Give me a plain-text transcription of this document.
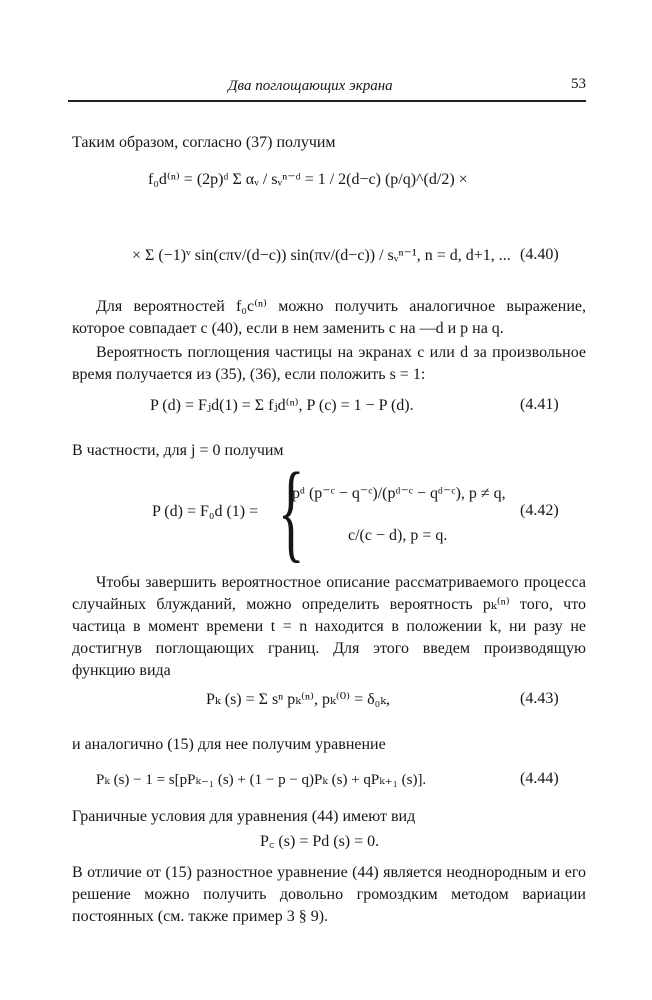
Два поглощающих экрана	53
Таким образом, согласно (37) получим
f₀d⁽ⁿ⁾ = (2p)ᵈ Σ αᵥ / sᵥⁿ⁻ᵈ = 1 / 2(d−c) (p/q)^(d/2) ×
× Σ (−1)ᵛ sin(cπv/(d−c)) sin(πv/(d−c)) / sᵥⁿ⁻¹, n = d, d+1, ... (4.40)
Для вероятностей f₀c⁽ⁿ⁾ можно получить аналогичное выражение, которое совпадает с (40), если в нем заменить c на —d и p на q.
Вероятность поглощения частицы на экранах c или d за произвольное время получается из (35), (36), если положить s = 1:
P (d) = Fⱼd(1) = Σ fⱼd⁽ⁿ⁾, P (c) = 1 − P (d).	(4.41)
В частности, для j = 0 получим
P (d) = F₀d (1) = {
pᵈ (p⁻ᶜ − q⁻ᶜ)/(pᵈ⁻ᶜ − qᵈ⁻ᶜ), p ≠ q,
c/(c − d), p = q.
(4.42)
Чтобы завершить вероятностное описание рассматриваемого процесса случайных блужданий, можно определить вероятность pₖ⁽ⁿ⁾ того, что частица в момент времени t = n находится в положении k, ни разу не достигнув поглощающих границ. Для этого введем производящую функцию вида
Pₖ (s) = Σ sⁿ pₖ⁽ⁿ⁾, pₖ⁽⁰⁾ = δ₀ₖ,	(4.43)
и аналогично (15) для нее получим уравнение
Pₖ (s) − 1 = s[pPₖ₋₁ (s) + (1 − p − q)Pₖ (s) + qPₖ₊₁ (s)].	(4.44)
Граничные условия для уравнения (44) имеют вид
P꜀ (s) = Pd (s) = 0.
В отличие от (15) разностное уравнение (44) является неоднородным и его решение можно получить довольно громоздким методом вариации постоянных (см. также пример 3 § 9).
